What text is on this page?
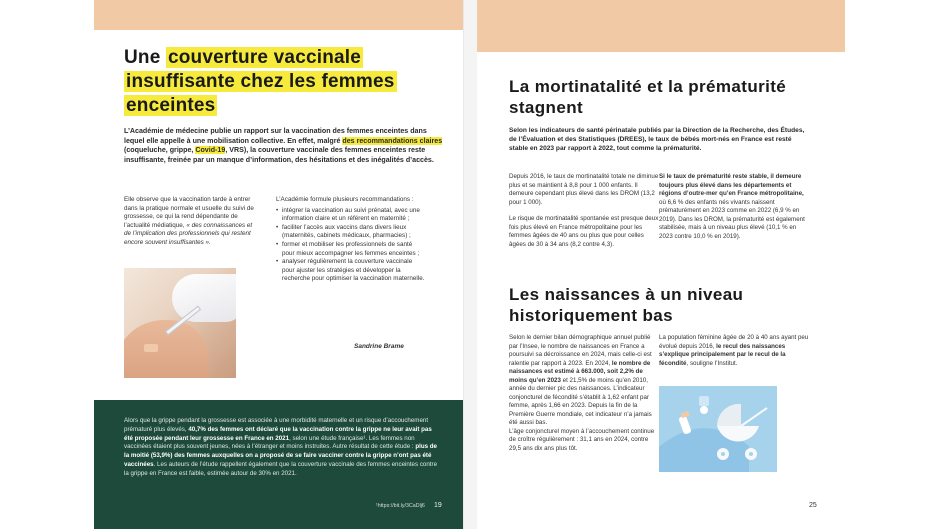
Une couverture vaccinale
insuffisante chez les femmes
enceintes

L’Académie de médecine publie un rapport sur la vaccination des femmes enceintes dans lequel elle appelle à une mobilisation collective. En effet, malgré des recommandations claires (coqueluche, grippe, Covid-19, VRS), la couverture vaccinale des femmes enceintes reste insuffisante, freinée par un manque d’information, des hésitations et des inégalités d’accès.

Elle observe que la vaccination tarde à entrer dans la pratique normale et usuelle du suivi de grossesse, ce qui la rend dépendante de l’actualité médiatique, « des connaissances et de l’implication des professionnels qui restent encore souvent insuffisantes ».

L’Académie formule plusieurs recommandations :

• intégrer la vaccination au suivi prénatal, avec une information claire et un référent en maternité ;
• faciliter l’accès aux vaccins dans divers lieux (maternités, cabinets médicaux, pharmacies) ;
• former et mobiliser les professionnels de santé pour mieux accompagner les femmes enceintes ;
• analyser régulièrement la couverture vaccinale pour ajuster les stratégies et développer la recherche pour optimiser la vaccination maternelle.
Sandrine Brame

Alors que la grippe pendant la grossesse est associée à une morbidité maternelle et un risque d’accouchement prématuré plus élevés, 40,7% des femmes ont déclaré que la vaccination contre la grippe ne leur avait pas été proposée pendant leur grossesse en France en 2021, selon une étude française¹. Les femmes non vaccinées étaient plus souvent jeunes, nées à l’étranger et moins instruites. Autre résultat de cette étude : plus de la moitié (53,9%) des femmes auxquelles on a proposé de se faire vacciner contre la grippe n’ont pas été vaccinées. Les auteurs de l’étude rappellent également que la couverture vaccinale des femmes enceintes contre la grippe en France est faible, estimée autour de 30% en 2021.

¹https://bit.ly/3CaDlj6 19
La mortinatalité et la prématurité stagnent

Selon les indicateurs de santé périnatale publiés par la Direction de la Recherche, des Études, de l’Évaluation et des Statistiques (DREES), le taux de bébés mort-nés en France est resté stable en 2023 par rapport à 2022, tout comme la prématurité.

Depuis 2016, le taux de mortinatalité totale ne diminue plus et se maintient à 8,8 pour 1 000 enfants. Il demeure cependant plus élevé dans les DROM (13,2 pour 1 000).

Le risque de mortinatalité spontanée est presque deux fois plus élevé en France métropolitaine pour les femmes âgées de 40 ans ou plus que pour celles âgées de 30 à 34 ans (8,2 contre 4,3).

Si le taux de prématurité reste stable, il demeure toujours plus élevé dans les départements et régions d’outre-mer qu’en France métropolitaine, où 6,6 % des enfants nés vivants naissent prématurément en 2023 comme en 2022 (6,9 % en 2019). Dans les DROM, la prématurité est également stabilisée, mais à un niveau plus élevé (10,1 % en 2023 contre 10,0 % en 2019).

Les naissances à un niveau historiquement bas

Selon le dernier bilan démographique annuel publié par l’Insee, le nombre de naissances en France a poursuivi sa décroissance en 2024, mais celle-ci est ralentie par rapport à 2023. En 2024, le nombre de naissances est estimé à 663.000, soit 2,2% de moins qu’en 2023 et 21,5% de moins qu’en 2010, année du dernier pic des naissances. L’indicateur conjoncturel de fécondité s’établit à 1,62 enfant par femme, après 1,66 en 2023. Depuis la fin de la Première Guerre mondiale, cet indicateur n’a jamais été aussi bas.

L’âge conjoncturel moyen à l’accouchement continue de croître régulièrement : 31,1 ans en 2024, contre 29,5 ans dix ans plus tôt.

La population féminine âgée de 20 à 40 ans ayant peu évolué depuis 2016, le recul des naissances s’explique principalement par le recul de la fécondité, souligne l’Institut.

25
